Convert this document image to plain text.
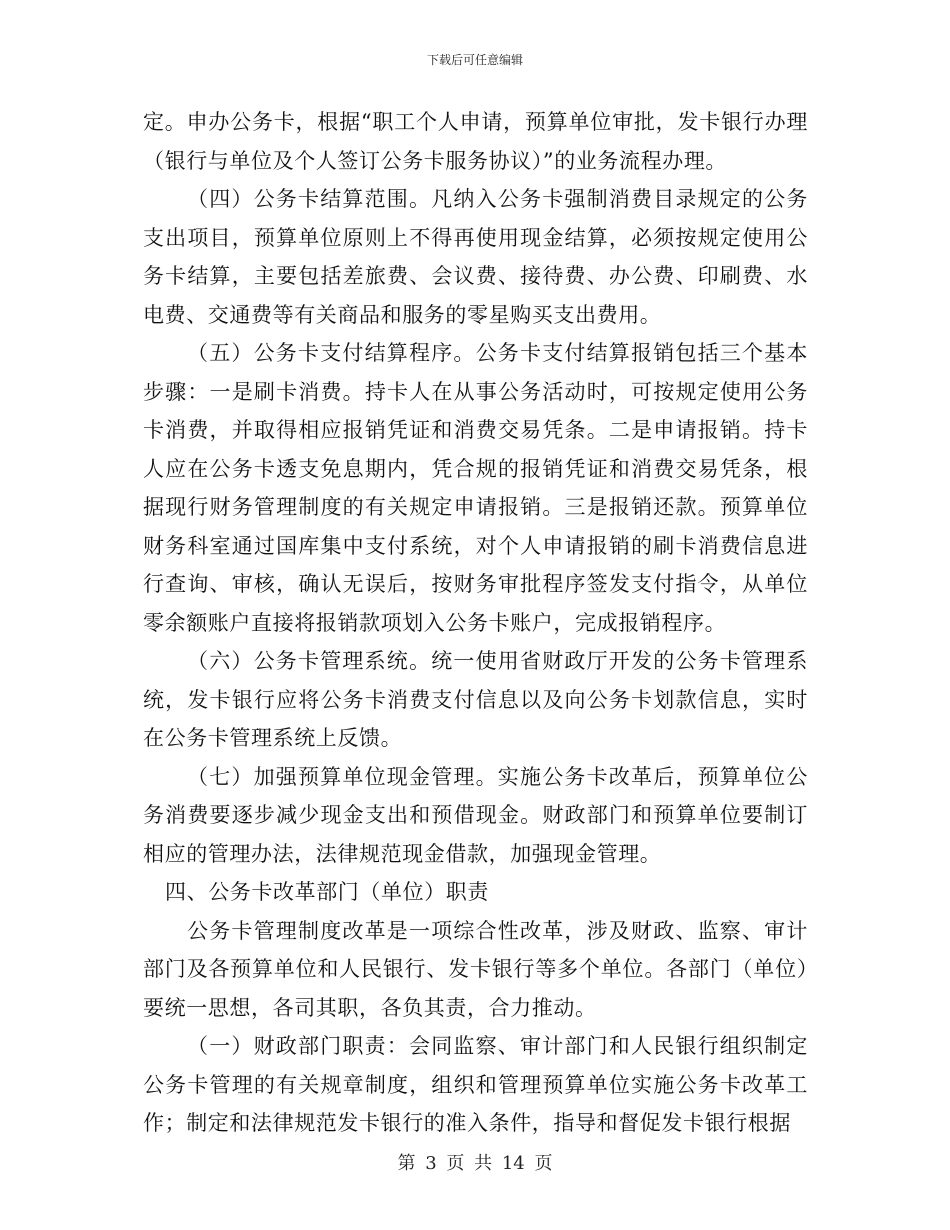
下载后可任意编辑

定。申办公务卡，根据“职工个人申请，预算单位审批，发卡银行办理（银行与单位及个人签订公务卡服务协议）”的业务流程办理。

（四）公务卡结算范围。凡纳入公务卡强制消费目录规定的公务支出项目，预算单位原则上不得再使用现金结算，必须按规定使用公务卡结算，主要包括差旅费、会议费、接待费、办公费、印刷费、水电费、交通费等有关商品和服务的零星购买支出费用。

（五）公务卡支付结算程序。公务卡支付结算报销包括三个基本步骤：一是刷卡消费。持卡人在从事公务活动时，可按规定使用公务卡消费，并取得相应报销凭证和消费交易凭条。二是申请报销。持卡人应在公务卡透支免息期内，凭合规的报销凭证和消费交易凭条，根据现行财务管理制度的有关规定申请报销。三是报销还款。预算单位财务科室通过国库集中支付系统，对个人申请报销的刷卡消费信息进行查询、审核，确认无误后，按财务审批程序签发支付指令，从单位零余额账户直接将报销款项划入公务卡账户，完成报销程序。

（六）公务卡管理系统。统一使用省财政厅开发的公务卡管理系统，发卡银行应将公务卡消费支付信息以及向公务卡划款信息，实时在公务卡管理系统上反馈。

（七）加强预算单位现金管理。实施公务卡改革后，预算单位公务消费要逐步减少现金支出和预借现金。财政部门和预算单位要制订相应的管理办法，法律规范现金借款，加强现金管理。

四、公务卡改革部门（单位）职责

公务卡管理制度改革是一项综合性改革，涉及财政、监察、审计部门及各预算单位和人民银行、发卡银行等多个单位。各部门（单位）要统一思想，各司其职，各负其责，合力推动。

（一）财政部门职责：会同监察、审计部门和人民银行组织制定公务卡管理的有关规章制度，组织和管理预算单位实施公务卡改革工作；制定和法律规范发卡银行的准入条件，指导和督促发卡银行根据

第 3 页 共 14 页
